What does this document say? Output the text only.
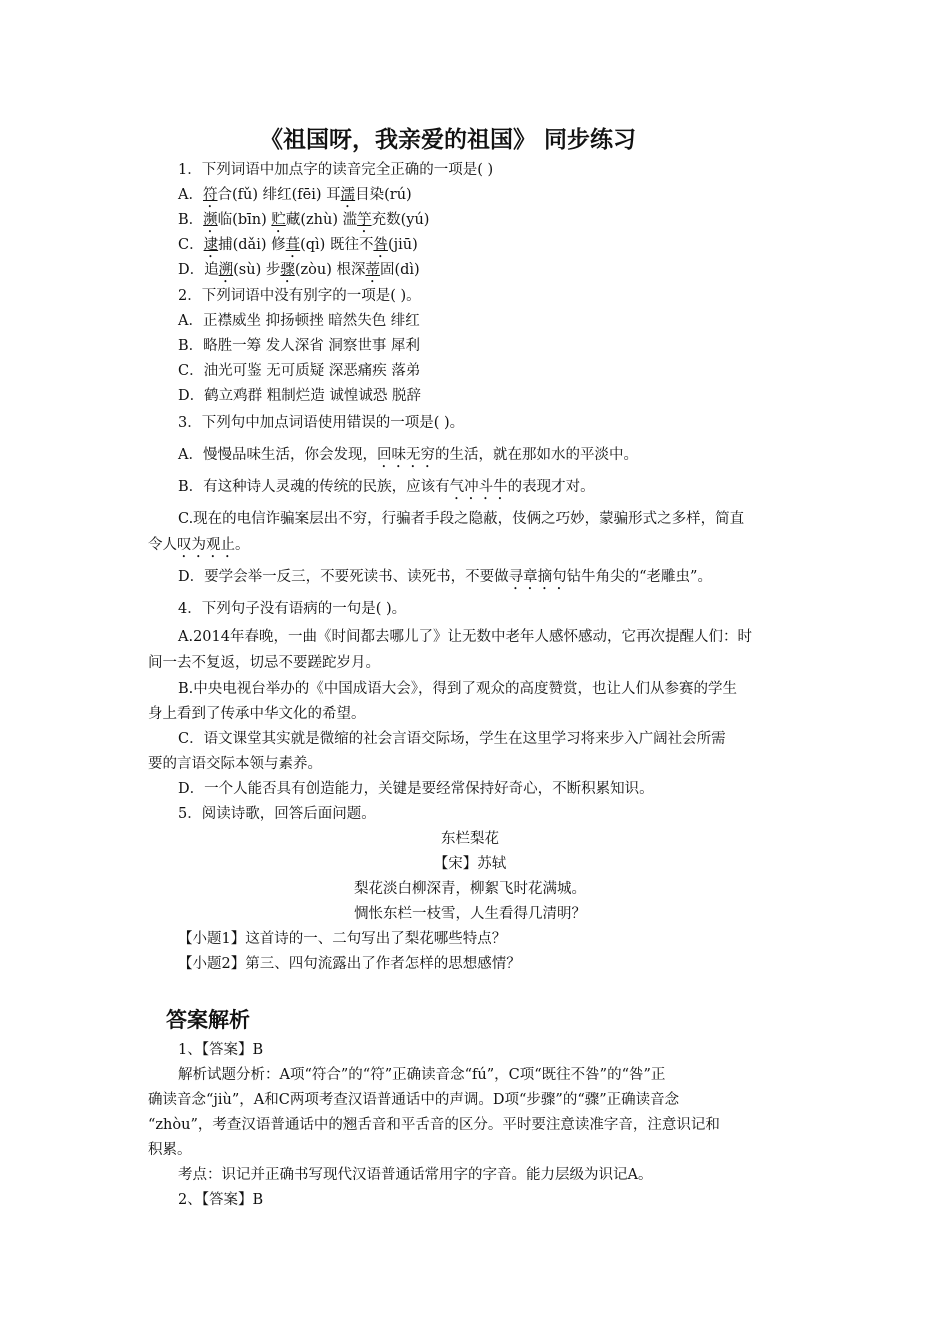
《祖国呀，我亲爱的祖国》 同步练习
1．下列词语中加点字的读音完全正确的一项是( )
A．符合(fǔ) 绯红(fēi) 耳濡目染(rú)
B．濒临(bīn) 贮藏(zhù) 滥竽充数(yú)
C．逮捕(dǎi) 修葺(qì) 既往不咎(jiū)
D．追溯(sù) 步骤(zòu) 根深蒂固(dì)
2．下列词语中没有别字的一项是( )。
A．正襟威坐 抑扬顿挫 暗然失色 绯红
B．略胜一筹 发人深省 洞察世事 犀利
C．油光可鉴 无可质疑 深恶痛疾 落弟
D．鹤立鸡群 粗制烂造 诚惶诚恐 脱辞
3．下列句中加点词语使用错误的一项是( )。
A．慢慢品味生活，你会发现，回味无穷的生活，就在那如水的平淡中。
B．有这种诗人灵魂的传统的民族，应该有气冲斗牛的表现才对。
C.现在的电信诈骗案层出不穷，行骗者手段之隐蔽，伎俩之巧妙，蒙骗形式之多样，简直
令人叹为观止。
D．要学会举一反三，不要死读书、读死书，不要做寻章摘句钻牛角尖的“老雕虫”。
4．下列句子没有语病的一句是( )。
A.2014年春晚，一曲《时间都去哪儿了》让无数中老年人感怀感动，它再次提醒人们：时
间一去不复返，切忌不要蹉跎岁月。
B.中央电视台举办的《中国成语大会》，得到了观众的高度赞赏，也让人们从参赛的学生
身上看到了传承中华文化的希望。
C．语文课堂其实就是微缩的社会言语交际场，学生在这里学习将来步入广阔社会所需
要的言语交际本领与素养。
D．一个人能否具有创造能力，关键是要经常保持好奇心，不断积累知识。
5．阅读诗歌，回答后面问题。
东栏梨花
【宋】苏轼
梨花淡白柳深青，柳絮飞时花满城。
惆怅东栏一枝雪，人生看得几清明？
【小题1】这首诗的一、二句写出了梨花哪些特点？
【小题2】第三、四句流露出了作者怎样的思想感情？
答案解析
1、【答案】B
解析试题分析：A项“符合”的“符”正确读音念“fú”，C项“既往不咎”的“咎”正
确读音念“jiù”，A和C两项考查汉语普通话中的声调。D项“步骤”的“骤”正确读音念
“zhòu”，考查汉语普通话中的翘舌音和平舌音的区分。平时要注意读准字音，注意识记和
积累。
考点：识记并正确书写现代汉语普通话常用字的字音。能力层级为识记A。
2、【答案】B
